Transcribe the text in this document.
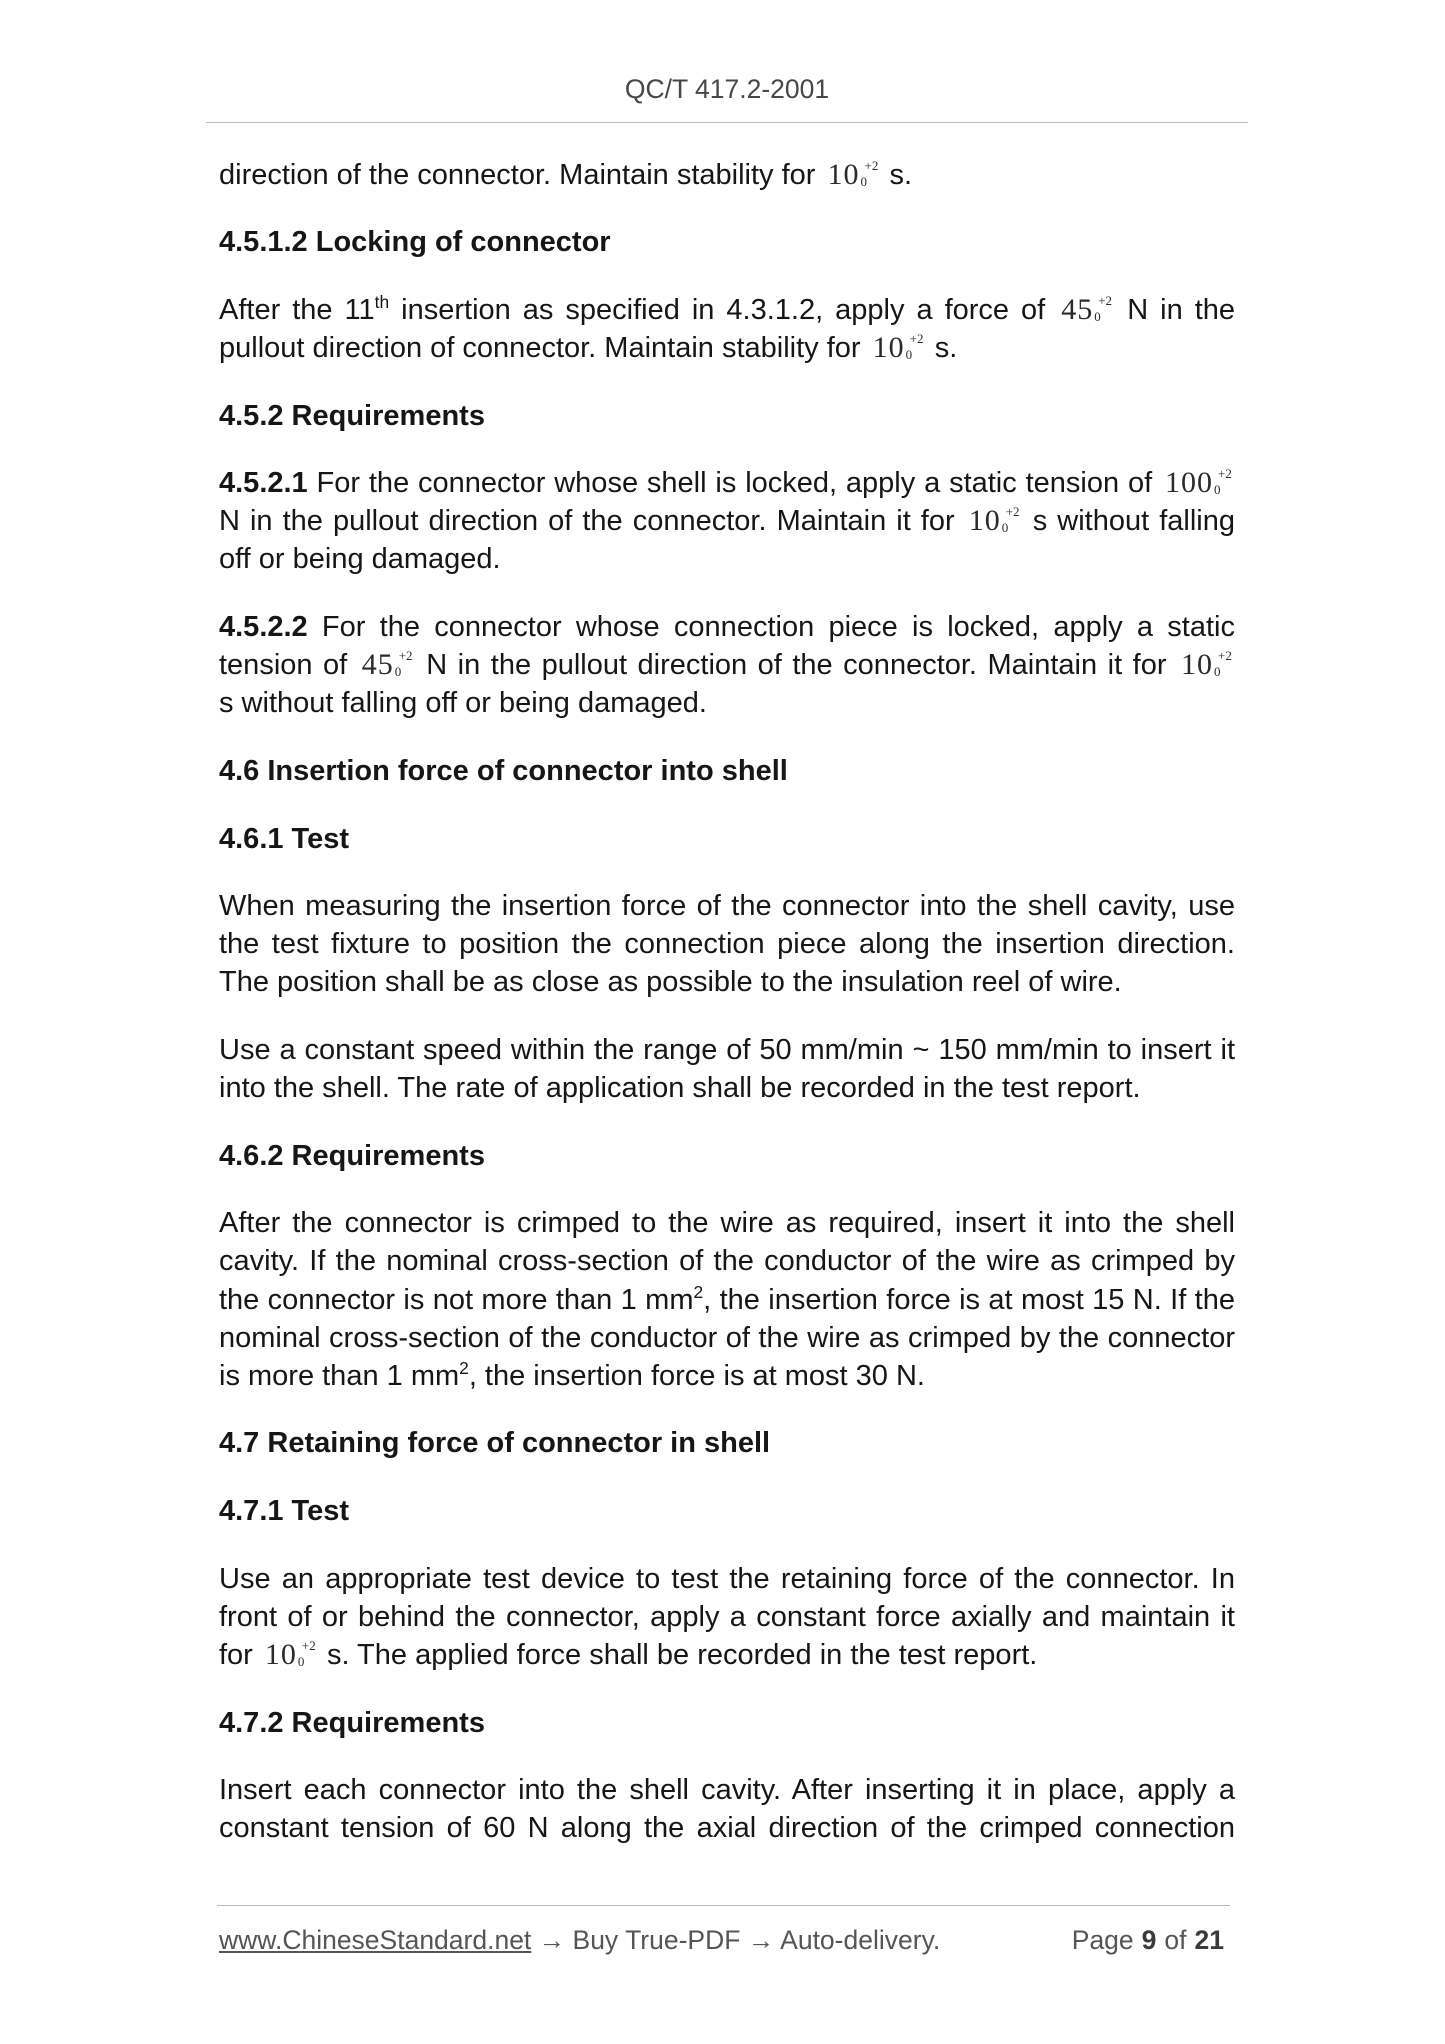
QC/T 417.2-2001
direction of the connector. Maintain stability for 10 +2
0 s.
4.5.1.2 Locking of connector
After the 11th insertion as specified in 4.3.1.2, apply a force of 45 +2
0 N in the
pullout direction of connector. Maintain stability for 10 +2
0 s.
4.5.2 Requirements
4.5.2.1 For the connector whose shell is locked, apply a static tension of 100 +2
0
N in the pullout direction of the connector. Maintain it for 10 +2
0 s without falling
off or being damaged.
4.5.2.2 For the connector whose connection piece is locked, apply a static
tension of 45 +2
0 N in the pullout direction of the connector. Maintain it for 10 +2
0
s without falling off or being damaged.
4.6 Insertion force of connector into shell
4.6.1 Test
When measuring the insertion force of the connector into the shell cavity, use
the test fixture to position the connection piece along the insertion direction.
The position shall be as close as possible to the insulation reel of wire.
Use a constant speed within the range of 50 mm/min ~ 150 mm/min to insert it
into the shell. The rate of application shall be recorded in the test report.
4.6.2 Requirements
After the connector is crimped to the wire as required, insert it into the shell
cavity. If the nominal cross-section of the conductor of the wire as crimped by
the connector is not more than 1 $mm^2$, the insertion force is at most 15 N. If the
nominal cross-section of the conductor of the wire as crimped by the connector
is more than 1 $mm^2$, the insertion force is at most 30 N.
4.7 Retaining force of connector in shell
4.7.1 Test
Use an appropriate test device to test the retaining force of the connector. In
front of or behind the connector, apply a constant force axially and maintain it
for 10 +2
0 s. The applied force shall be recorded in the test report.
4.7.2 Requirements
Insert each connector into the shell cavity. After inserting it in place, apply a
constant tension of 60 N along the axial direction of the crimped connection
www.ChineseStandard.net → Buy True-PDF → Auto-delivery.	Page 9 of 21
